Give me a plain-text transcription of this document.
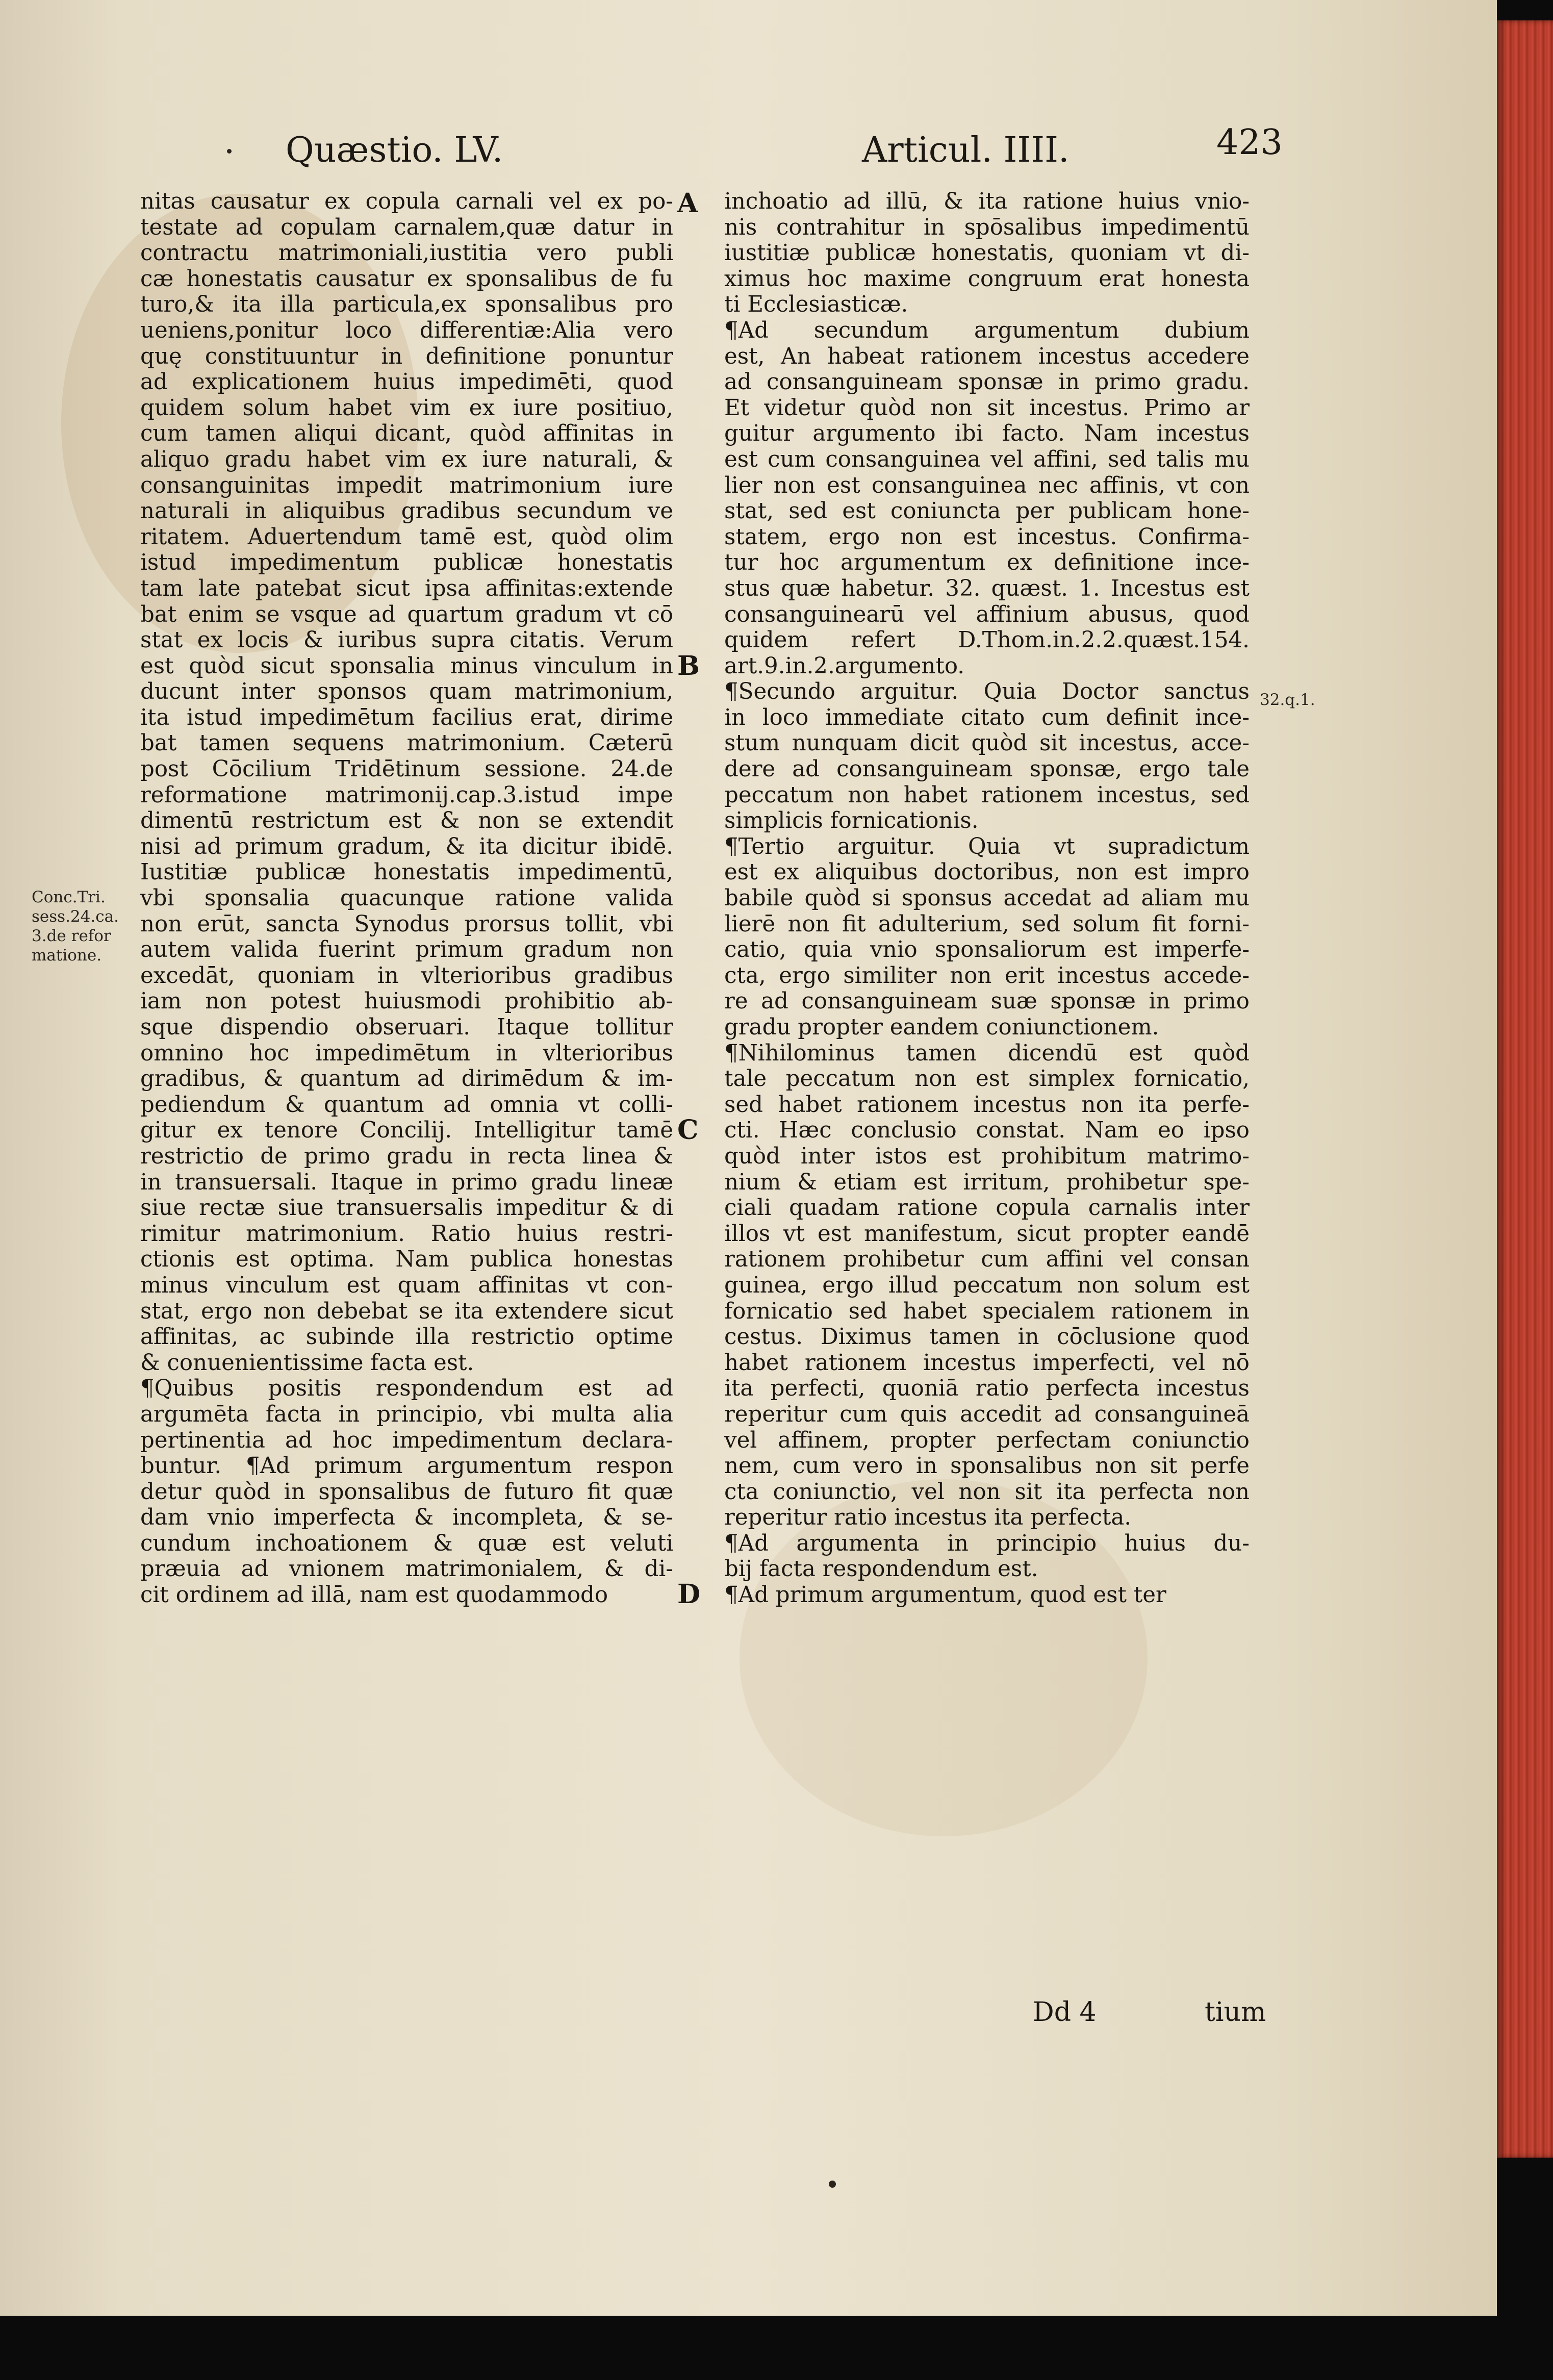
Quæstio. LV.	Articul. IIII.	423
A
B
C
D
Conc.Tri.
sess.24.ca.
3.de refor
matione.
32.q.1.
nitas causatur ex copula carnali vel ex po-
testate ad copulam carnalem,quæ datur in
contractu matrimoniali,iustitia vero publi
cæ honestatis causatur ex sponsalibus de fu
turo,& ita illa particula,ex sponsalibus pro
ueniens,ponitur loco differentiæ:Alia vero
quę constituuntur in definitione ponuntur
ad explicationem huius impedimēti, quod
quidem solum habet vim ex iure positiuo,
cum tamen aliqui dicant, quòd affinitas in
aliquo gradu habet vim ex iure naturali, &
consanguinitas impedit matrimonium iure
naturali in aliquibus gradibus secundum ve
ritatem. Aduertendum tamē est, quòd olim
istud impedimentum publicæ honestatis
tam late patebat sicut ipsa affinitas:extende
bat enim se vsque ad quartum gradum vt cō
stat ex locis & iuribus supra citatis. Verum
est quòd sicut sponsalia minus vinculum in
ducunt inter sponsos quam matrimonium,
ita istud impedimētum facilius erat, dirime
bat tamen sequens matrimonium. Cæterū
post Cōcilium Tridētinum sessione. 24.de
reformatione matrimonij.cap.3.istud impe
dimentū restrictum est & non se extendit
nisi ad primum gradum, & ita dicitur ibidē.
Iustitiæ publicæ honestatis impedimentū,
vbi sponsalia quacunque ratione valida
non erūt, sancta Synodus prorsus tollit, vbi
autem valida fuerint primum gradum non
excedāt, quoniam in vlterioribus gradibus
iam non potest huiusmodi prohibitio ab-
sque dispendio obseruari. Itaque tollitur
omnino hoc impedimētum in vlterioribus
gradibus, & quantum ad dirimēdum & im-
pediendum & quantum ad omnia vt colli-
gitur ex tenore Concilij. Intelligitur tamē
restrictio de primo gradu in recta linea &
in transuersali. Itaque in primo gradu lineæ
siue rectæ siue transuersalis impeditur & di
rimitur matrimonium. Ratio huius restri-
ctionis est optima. Nam publica honestas
minus vinculum est quam affinitas vt con-
stat, ergo non debebat se ita extendere sicut
affinitas, ac subinde illa restrictio optime
& conuenientissime facta est.
¶Quibus positis respondendum est ad
argumēta facta in principio, vbi multa alia
pertinentia ad hoc impedimentum declara-
buntur. ¶Ad primum argumentum respon
detur quòd in sponsalibus de futuro fit quæ
dam vnio imperfecta & incompleta, & se-
cundum inchoationem & quæ est veluti
præuia ad vnionem matrimonialem, & di-
cit ordinem ad illā, nam est quodammodo
inchoatio ad illū, & ita ratione huius vnio-
nis contrahitur in spōsalibus impedimentū
iustitiæ publicæ honestatis, quoniam vt di-
ximus hoc maxime congruum erat honesta
ti Ecclesiasticæ.
¶Ad secundum argumentum dubium
est, An habeat rationem incestus accedere
ad consanguineam sponsæ in primo gradu.
Et videtur quòd non sit incestus. Primo ar
guitur argumento ibi facto. Nam incestus
est cum consanguinea vel affini, sed talis mu
lier non est consanguinea nec affinis, vt con
stat, sed est coniuncta per publicam hone-
statem, ergo non est incestus. Confirma-
tur hoc argumentum ex definitione ince-
stus quæ habetur. 32. quæst. 1. Incestus est
consanguinearū vel affinium abusus, quod
quidem refert D.Thom.in.2.2.quæst.154.
art.9.in.2.argumento.
¶Secundo arguitur. Quia Doctor sanctus
in loco immediate citato cum definit ince-
stum nunquam dicit quòd sit incestus, acce-
dere ad consanguineam sponsæ, ergo tale
peccatum non habet rationem incestus, sed
simplicis fornicationis.
¶Tertio arguitur. Quia vt supradictum
est ex aliquibus doctoribus, non est impro
babile quòd si sponsus accedat ad aliam mu
lierē non fit adulterium, sed solum fit forni-
catio, quia vnio sponsaliorum est imperfe-
cta, ergo similiter non erit incestus accede-
re ad consanguineam suæ sponsæ in primo
gradu propter eandem coniunctionem.
¶Nihilominus tamen dicendū est quòd
tale peccatum non est simplex fornicatio,
sed habet rationem incestus non ita perfe-
cti. Hæc conclusio constat. Nam eo ipso
quòd inter istos est prohibitum matrimo-
nium & etiam est irritum, prohibetur spe-
ciali quadam ratione copula carnalis inter
illos vt est manifestum, sicut propter eandē
rationem prohibetur cum affini vel consan
guinea, ergo illud peccatum non solum est
fornicatio sed habet specialem rationem in
cestus. Diximus tamen in cōclusione quod
habet rationem incestus imperfecti, vel nō
ita perfecti, quoniā ratio perfecta incestus
reperitur cum quis accedit ad consanguineā
vel affinem, propter perfectam coniunctio
nem, cum vero in sponsalibus non sit perfe
cta coniunctio, vel non sit ita perfecta non
reperitur ratio incestus ita perfecta.
¶Ad argumenta in principio huius du-
bij facta respondendum est.
¶Ad primum argumentum, quod est ter
Dd 4	tium
